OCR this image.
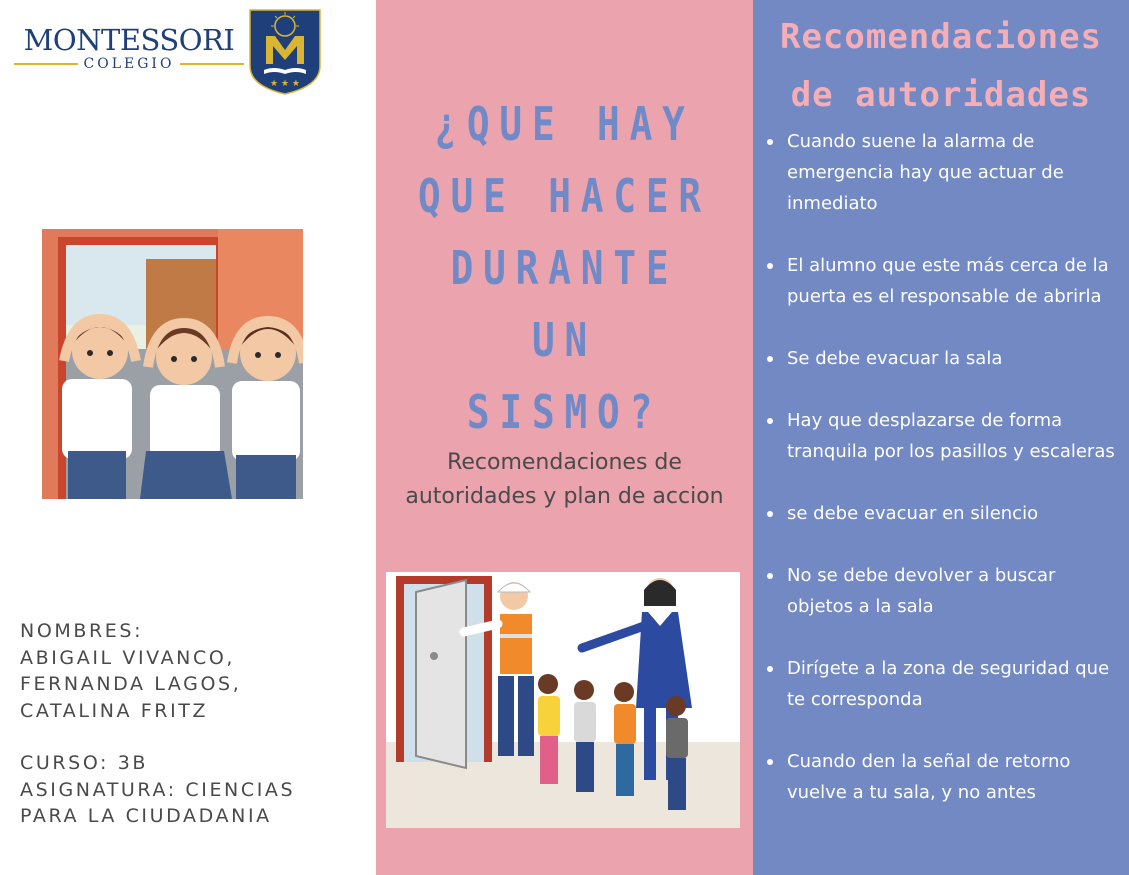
MONTESSORI
COLEGIO
★ ★ ★
NOMBRES:
ABIGAIL VIVANCO,
FERNANDA LAGOS,
CATALINA FRITZ
CURSO: 3B
ASIGNATURA: CIENCIAS
PARA LA CIUDADANIA
¿QUE HAY
QUE HACER
DURANTE UN
SISMO?
Recomendaciones de
autoridades y plan de accion
Recomendaciones
de autoridades
Cuando suene la alarma de emergencia hay que actuar de inmediato
El alumno que este más cerca de la puerta es el responsable de abrirla
Se debe evacuar la sala
Hay que desplazarse de forma tranquila por los pasillos y escaleras
se debe evacuar en silencio
No se debe devolver a buscar objetos a la sala
Dirígete a la zona de seguridad que te corresponda
Cuando den la señal de retorno vuelve a tu sala, y no antes
